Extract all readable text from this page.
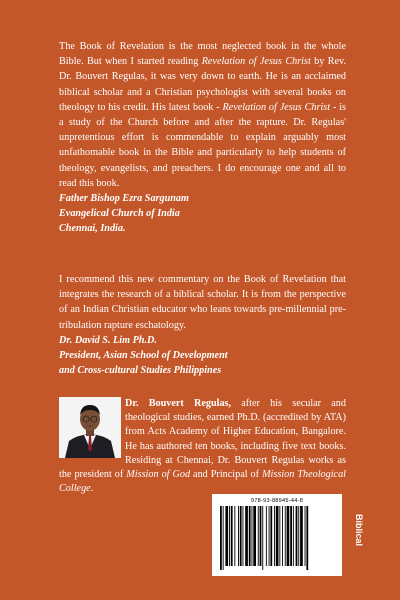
The Book of Revelation is the most neglected book in the whole Bible. But when I started reading Revelation of Jesus Christ by Rev. Dr. Bouvert Regulas, it was very down to earth. He is an acclaimed biblical scholar and a Christian psychologist with several books on theology to his credit. His latest book - Revelation of Jesus Christ - is a study of the Church before and after the rapture. Dr. Regulas' unpretentious effort is commendable to explain arguably most unfathomable book in the Bible and particularly to help students of theology, evangelists, and preachers. I do encourage one and all to read this book.
Father Bishop Ezra Sargunam
Evangelical Church of India
Chennai, India.
I recommend this new commentary on the Book of Revelation that integrates the research of a biblical scholar. It is from the perspective of an Indian Christian educator who leans towards pre-millennial pre-tribulation rapture eschatology.
Dr. David S. Lim Ph.D.
President, Asian School of Development
and Cross-cultural Studies Philippines
Dr. Bouvert Regulas, after his secular and theological studies, earned Ph.D. (accredited by ATA) from Acts Academy of Higher Education, Bangalore. He has authored ten books, including five text books. Residing at Chennai, Dr. Bouvert Regulas works as the president of Mission of God and Principal of Mission Theological College.
978-93-88945-44-8
Biblical
